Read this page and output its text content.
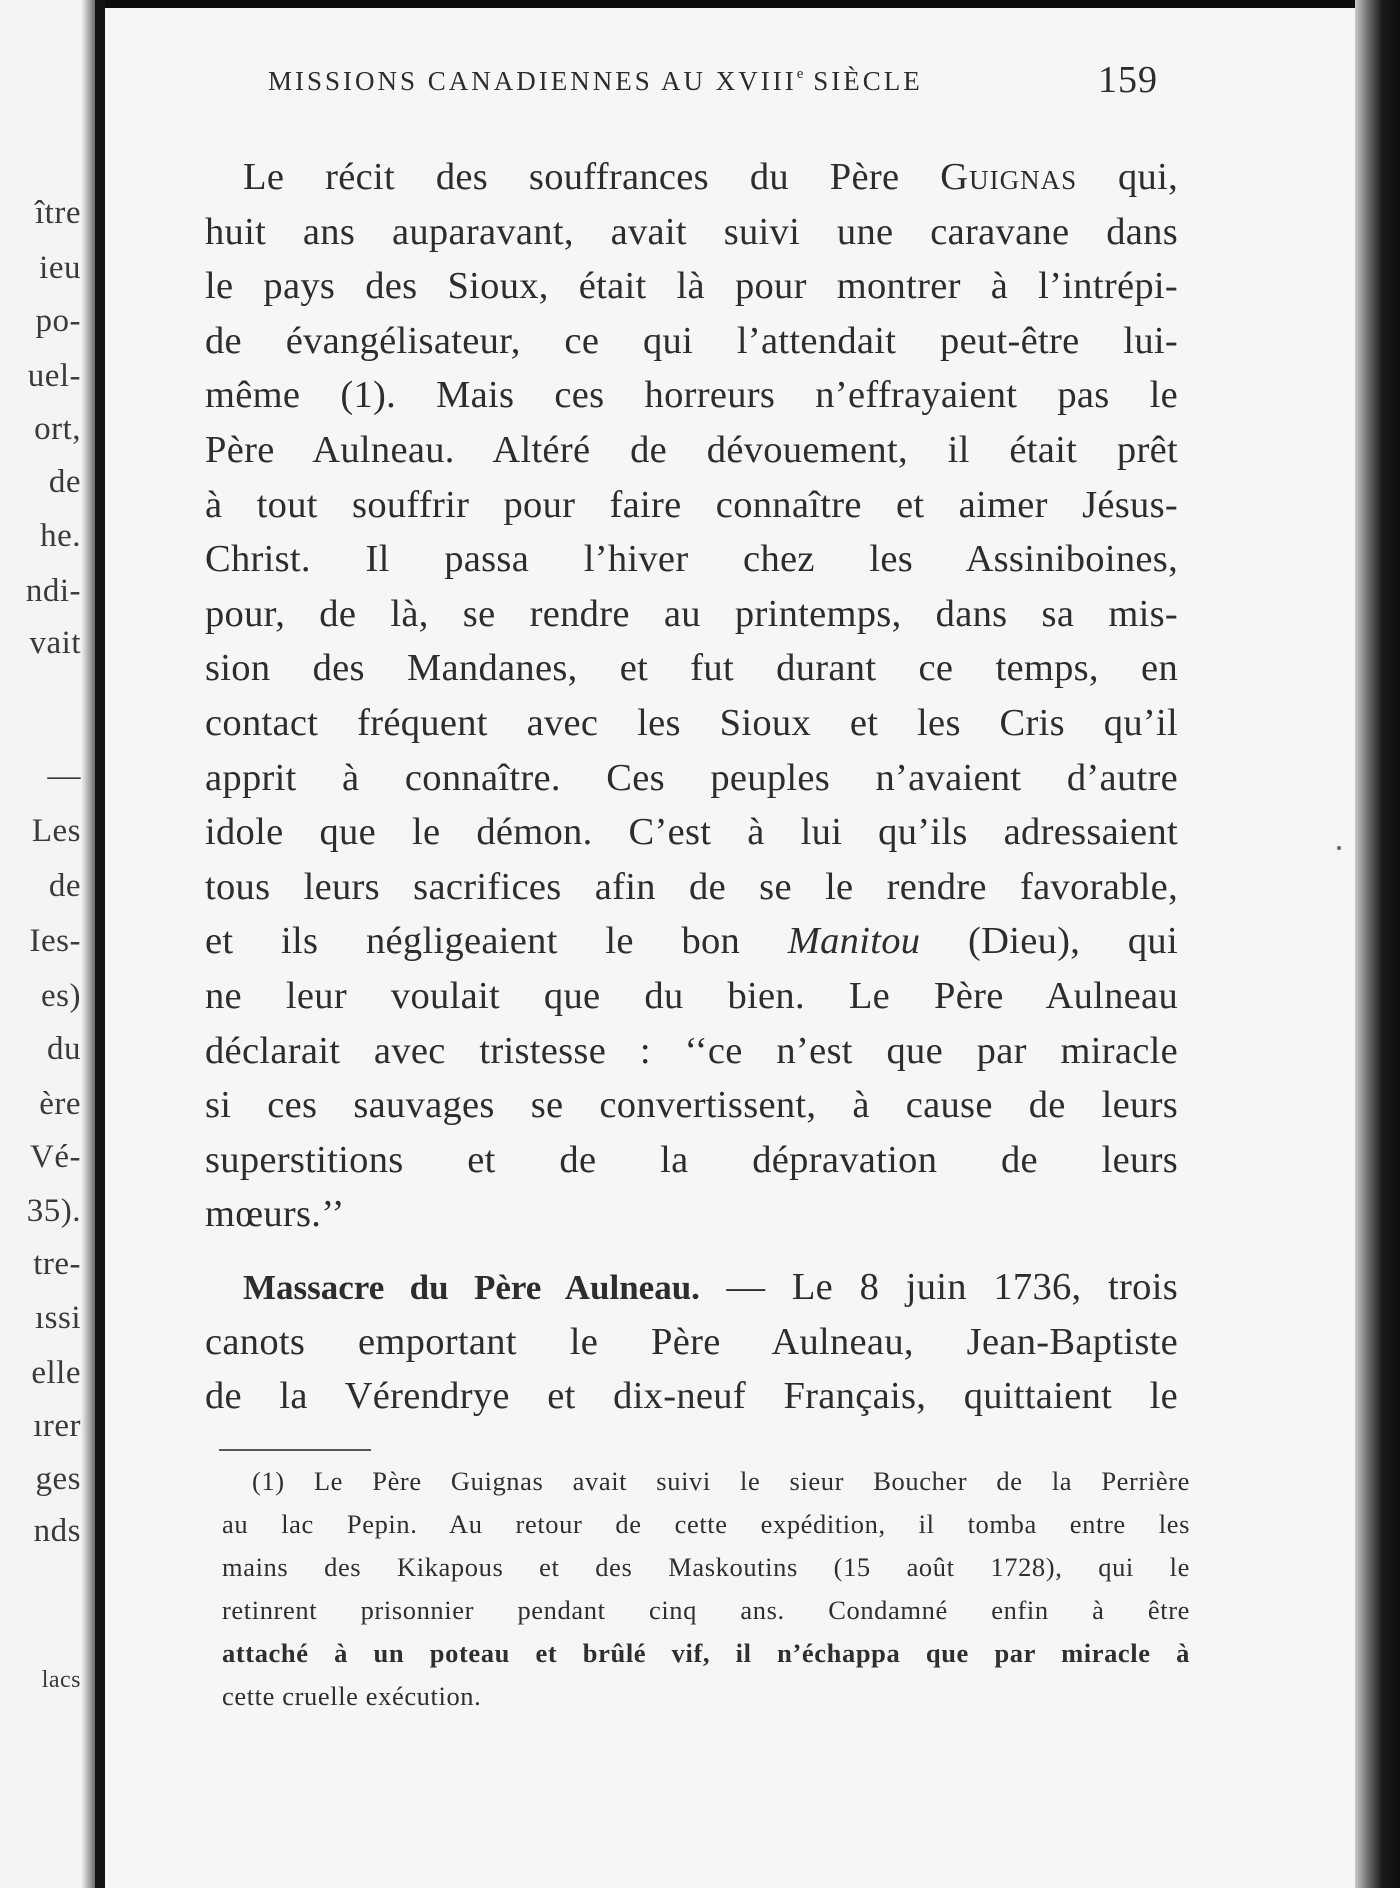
ître
ieu
po-
uel-
ort,
de
he.
ndi-
vait
—
Les
de
Ies-
es)
du
ère
Vé-
35).
tre-
ıssi
elle
ırer
ges
nds
lacs
MISSIONS CANADIENNES AU XVIIIe SIÈCLE	159
Le récit des souffrances du Père Guignas qui,
huit ans auparavant, avait suivi une caravane dans
le pays des Sioux, était là pour montrer à l’intrépi-
de évangélisateur, ce qui l’attendait peut-être lui-
même (1). Mais ces horreurs n’effrayaient pas le
Père Aulneau. Altéré de dévouement, il était prêt
à tout souffrir pour faire connaître et aimer Jésus-
Christ. Il passa l’hiver chez les Assiniboines,
pour, de là, se rendre au printemps, dans sa mis-
sion des Mandanes, et fut durant ce temps, en
contact fréquent avec les Sioux et les Cris qu’il
apprit à connaître. Ces peuples n’avaient d’autre
idole que le démon. C’est à lui qu’ils adressaient
tous leurs sacrifices afin de se le rendre favorable,
et ils négligeaient le bon Manitou (Dieu), qui
ne leur voulait que du bien. Le Père Aulneau
déclarait avec tristesse : ‘‘ce n’est que par miracle
si ces sauvages se convertissent, à cause de leurs
superstitions et de la dépravation de leurs
mœurs.’’
Massacre du Père Aulneau. — Le 8 juin 1736, trois
canots emportant le Père Aulneau, Jean-Baptiste
de la Vérendrye et dix-neuf Français, quittaient le
(1) Le Père Guignas avait suivi le sieur Boucher de la Perrière
au lac Pepin. Au retour de cette expédition, il tomba entre les
mains des Kikapous et des Maskoutins (15 août 1728), qui le
retinrent prisonnier pendant cinq ans. Condamné enfin à être
attaché à un poteau et brûlé vif, il n’échappa que par miracle à
cette cruelle exécution.
